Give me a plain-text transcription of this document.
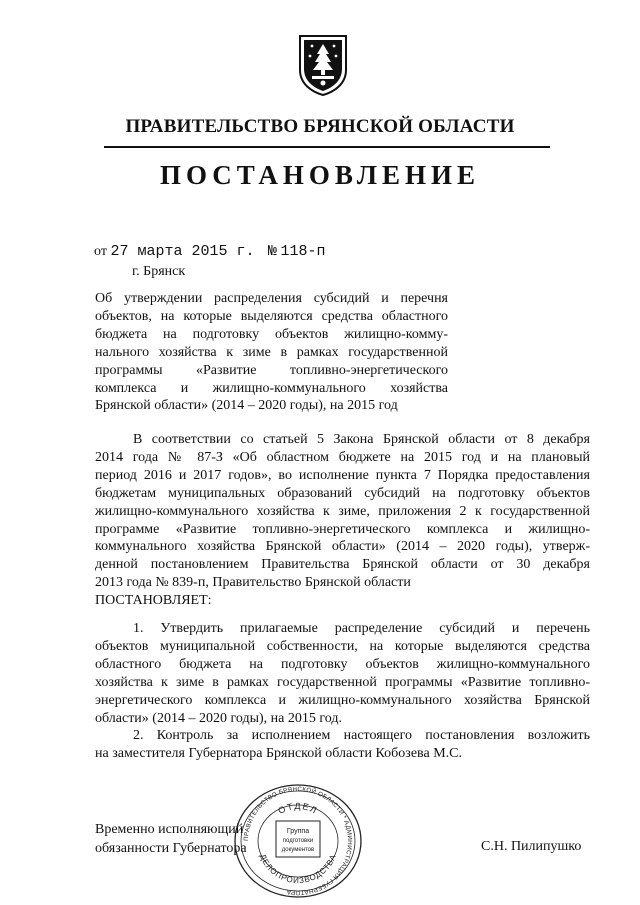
ПРАВИТЕЛЬСТВО БРЯНСКОЙ ОБЛАСТИ
ПОСТАНОВЛЕНИЕ
от 27 марта 2015 г. № 118-п
г. Брянск
Об утверждении распределения субсидий и перечня
объектов, на которые выделяются средства областного
бюджета на подготовку объектов жилищно-комму-
нального хозяйства к зиме в рамках государственной
программы «Развитие топливно-энергетического
комплекса и жилищно-коммунального хозяйства
Брянской области» (2014 – 2020 годы), на 2015 год
В соответствии со статьей 5 Закона Брянской области от 8 декабря
2014 года № 87-З «Об областном бюджете на 2015 год и на плановый
период 2016 и 2017 годов», во исполнение пункта 7 Порядка предоставления
бюджетам муниципальных образований субсидий на подготовку объектов
жилищно-коммунального хозяйства к зиме, приложения 2 к государственной
программе «Развитие топливно-энергетического комплекса и жилищно-
коммунального хозяйства Брянской области» (2014 – 2020 годы), утверж-
денной постановлением Правительства Брянской области от 30 декабря
2013 года № 839-п, Правительство Брянской области
ПОСТАНОВЛЯЕТ:
1. Утвердить прилагаемые распределение субсидий и перечень
объектов муниципальной собственности, на которые выделяются средства
областного бюджета на подготовку объектов жилищно-коммунального
хозяйства к зиме в рамках государственной программы «Развитие топливно-
энергетического комплекса и жилищно-коммунального хозяйства Брянской
области» (2014 – 2020 годы), на 2015 год.
2. Контроль за исполнением настоящего постановления возложить
на заместителя Губернатора Брянской области Кобозева М.С.
Временно исполняющий
обязанности Губернатора	С.Н. Пилипушко
ПРАВИТЕЛЬСТВО БРЯНСКОЙ ОБЛАСТИ * АДМИНИСТРАЦИЯ ГУБЕРНАТОРА
ОТДЕЛ
ДЕЛОПРОИЗВОДСТВА
Группа
подготовки
документов
